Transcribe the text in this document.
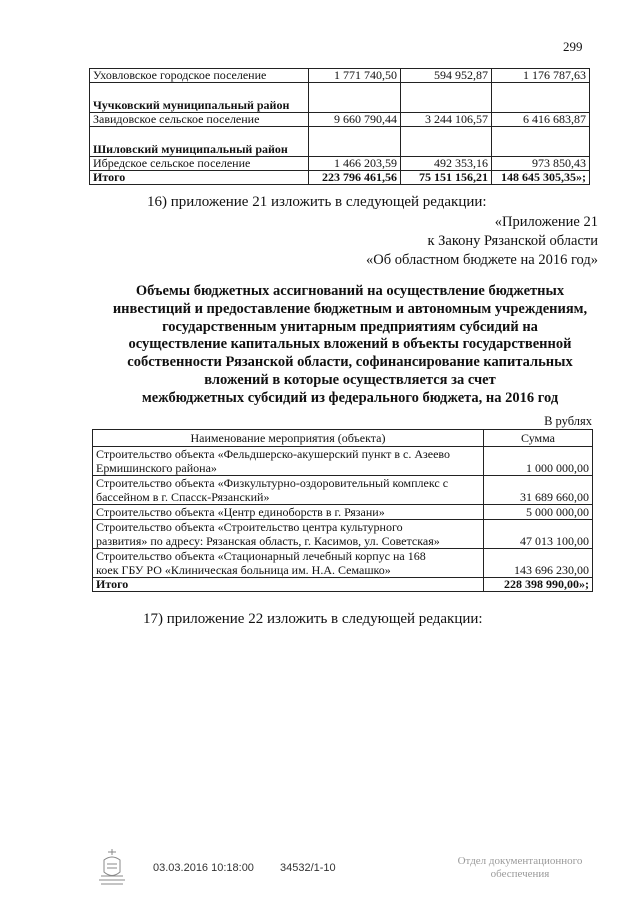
299
Уховловское городское поселение	1 771 740,50	594 952,87	1 176 787,63
Чучковский муниципальный район			
Завидовское сельское поселение	9 660 790,44	3 244 106,57	6 416 683,87
Шиловский муниципальный район			
Ибредское сельское поселение	1 466 203,59	492 353,16	973 850,43
Итого	223 796 461,56	75 151 156,21	148 645 305,35»;
16) приложение 21 изложить в следующей редакции:
«Приложение 21
к Закону Рязанской области
«Об областном бюджете на 2016 год»
Объемы бюджетных ассигнований на осуществление бюджетных
инвестиций и предоставление бюджетным и автономным учреждениям,
государственным унитарным предприятиям субсидий на
осуществление капитальных вложений в объекты государственной
собственности Рязанской области, софинансирование капитальных
вложений в которые осуществляется за счет
межбюджетных субсидий из федерального бюджета, на 2016 год
В рублях
Наименование мероприятия (объекта)	Сумма

Строительство объекта «Фельдшерско-акушерский пункт в с. Азеево
Ермишинского района»	1 000 000,00

Строительство объекта «Физкультурно-оздоровительный комплекс с
бассейном в г. Спасск-Рязанский»	31 689 660,00

Строительство объекта «Центр единоборств в г. Рязани»	5 000 000,00

Строительство объекта «Строительство центра культурного
развития» по адресу: Рязанская область, г. Касимов, ул. Советская»	47 013 100,00

Строительство объекта «Стационарный лечебный корпус на 168
коек ГБУ РО «Клиническая больница им. Н.А. Семашко»	143 696 230,00
Итого	228 398 990,00»;
17) приложение 22 изложить в следующей редакции:
03.03.2016 10:18:00 34532/1-10
Отдел документационного
обеспечения
